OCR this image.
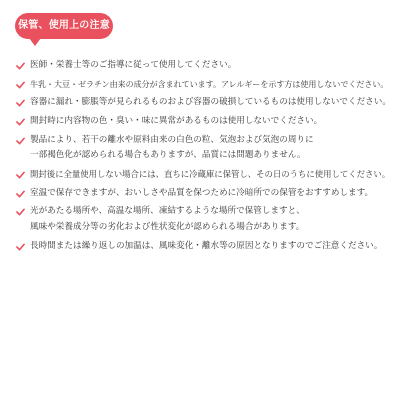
保管、使用上の注意
医師・栄養士等のご指導に従って使用してください。
牛乳・大豆・ゼラチン由来の成分が含まれています。アレルギーを示す方は使用しないでください。
容器に漏れ・膨脹等が見られるものおよび容器の破損しているものは使用しないでください。
開封時に内容物の色・臭い・味に異常があるものは使用しないでください。
製品により、若干の離水や原料由来の白色の粒、気泡および気泡の周りに
一部褐色化が認められる場合もありますが、品質には問題ありません。
開封後に全量使用しない場合には、直ちに冷蔵庫に保管し、その日のうちに使用してください。
室温で保存できますが、おいしさや品質を保つために冷暗所での保管をおすすめします。
光があたる場所や、高温な場所、凍結するような場所で保管しますと、
風味や栄養成分等の劣化および性状変化が認められる場合があります。
長時間または繰り返しの加温は、風味変化・離水等の原因となりますのでご注意ください。
